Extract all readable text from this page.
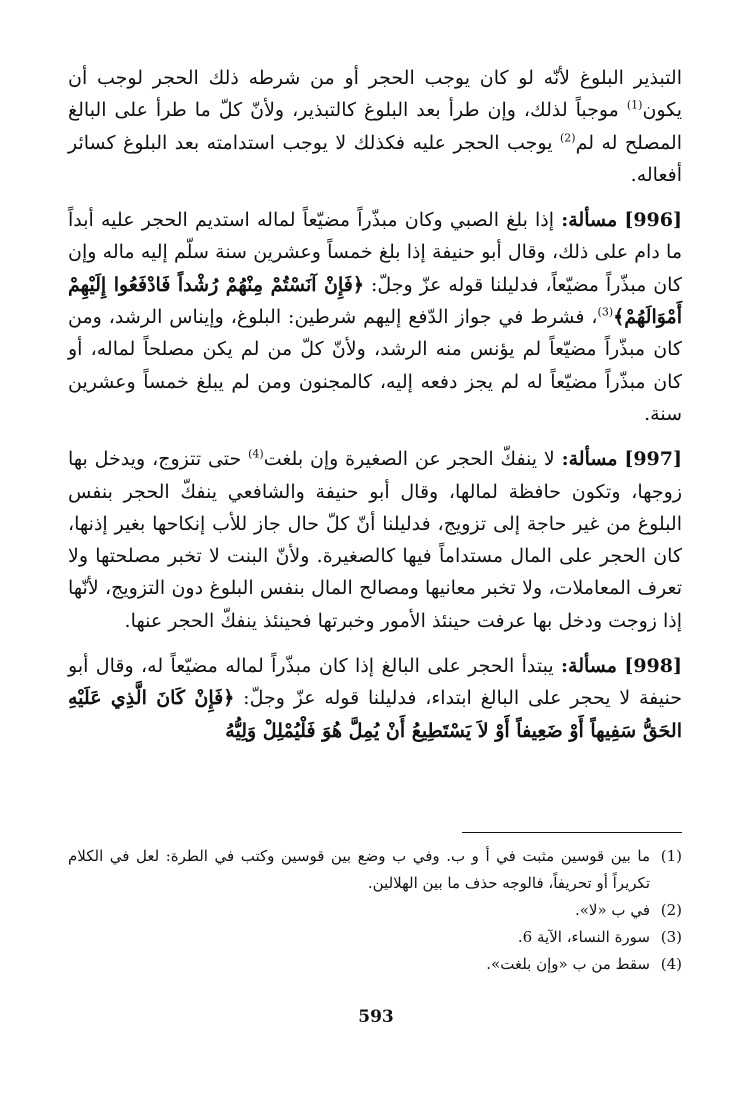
التبذير البلوغ لأنّه لو كان يوجب الحجر أو من شرطه ذلك الحجر لوجب أن يكون$^{(1)}$ موجباً لذلك، وإن طرأ بعد البلوغ كالتبذير، ولأنّ كلّ ما طرأ على البالغ المصلح له لم$^{(2)}$ يوجب الحجر عليه فكذلك لا يوجب استدامته بعد البلوغ كسائر أفعاله.

[996] مسألة: إذا بلغ الصبي وكان مبذّراً مضيّعاً لماله استديم الحجر عليه أبداً ما دام على ذلك، وقال أبو حنيفة إذا بلغ خمساً وعشرين سنة سلّم إليه ماله وإن كان مبذّراً مضيّعاً، فدليلنا قوله عزّ وجلّ: ﴿فَإِنْ آنَسْتُمْ مِنْهُمْ رُشْداً فَادْفَعُوا إِلَيْهِمْ أَمْوَالَهُمْ﴾$^{(3)}$، فشرط في جواز الدّفع إليهم شرطين: البلوغ، وإيناس الرشد، ومن كان مبذّراً مضيّعاً لم يؤنس منه الرشد، ولأنّ كلّ من لم يكن مصلحاً لماله، أو كان مبذّراً مضيّعاً له لم يجز دفعه إليه، كالمجنون ومن لم يبلغ خمساً وعشرين سنة.

[997] مسألة: لا ينفكّ الحجر عن الصغيرة وإن بلغت$^{(4)}$ حتى تتزوج، ويدخل بها زوجها، وتكون حافظة لمالها، وقال أبو حنيفة والشافعي ينفكّ الحجر بنفس البلوغ من غير حاجة إلى تزويج، فدليلنا أنّ كلّ حال جاز للأب إنكاحها بغير إذنها، كان الحجر على المال مستداماً فيها كالصغيرة. ولأنّ البنت لا تخبر مصلحتها ولا تعرف المعاملات، ولا تخبر معانيها ومصالح المال بنفس البلوغ دون التزويج، لأنّها إذا زوجت ودخل بها عرفت حينئذ الأمور وخبرتها فحينئذ ينفكّ الحجر عنها.

[998] مسألة: يبتدأ الحجر على البالغ إذا كان مبذّراً لماله مضيّعاً له، وقال أبو حنيفة لا يحجر على البالغ ابتداء، فدليلنا قوله عزّ وجلّ: ﴿فَإِنْ كَانَ الَّذِي عَلَيْهِ الحَقُّ سَفِيهاً أَوْ ضَعِيفاً أَوْ لاَ يَسْتَطِيعُ أَنْ يُمِلَّ هُوَ فَلْيُمْلِلْ وَلِيُّهُ

(1)
ما بين قوسين مثبت في أ و ب. وفي ب وضع بين قوسين وكتب في الطرة: لعل في الكلام تكريراً أو تحريفاً، فالوجه حذف ما بين الهلالين.
(2)
في ب «لا».
(3)
سورة النساء، الآية 6.
(4)
سقط من ب «وإن بلغت».
593
